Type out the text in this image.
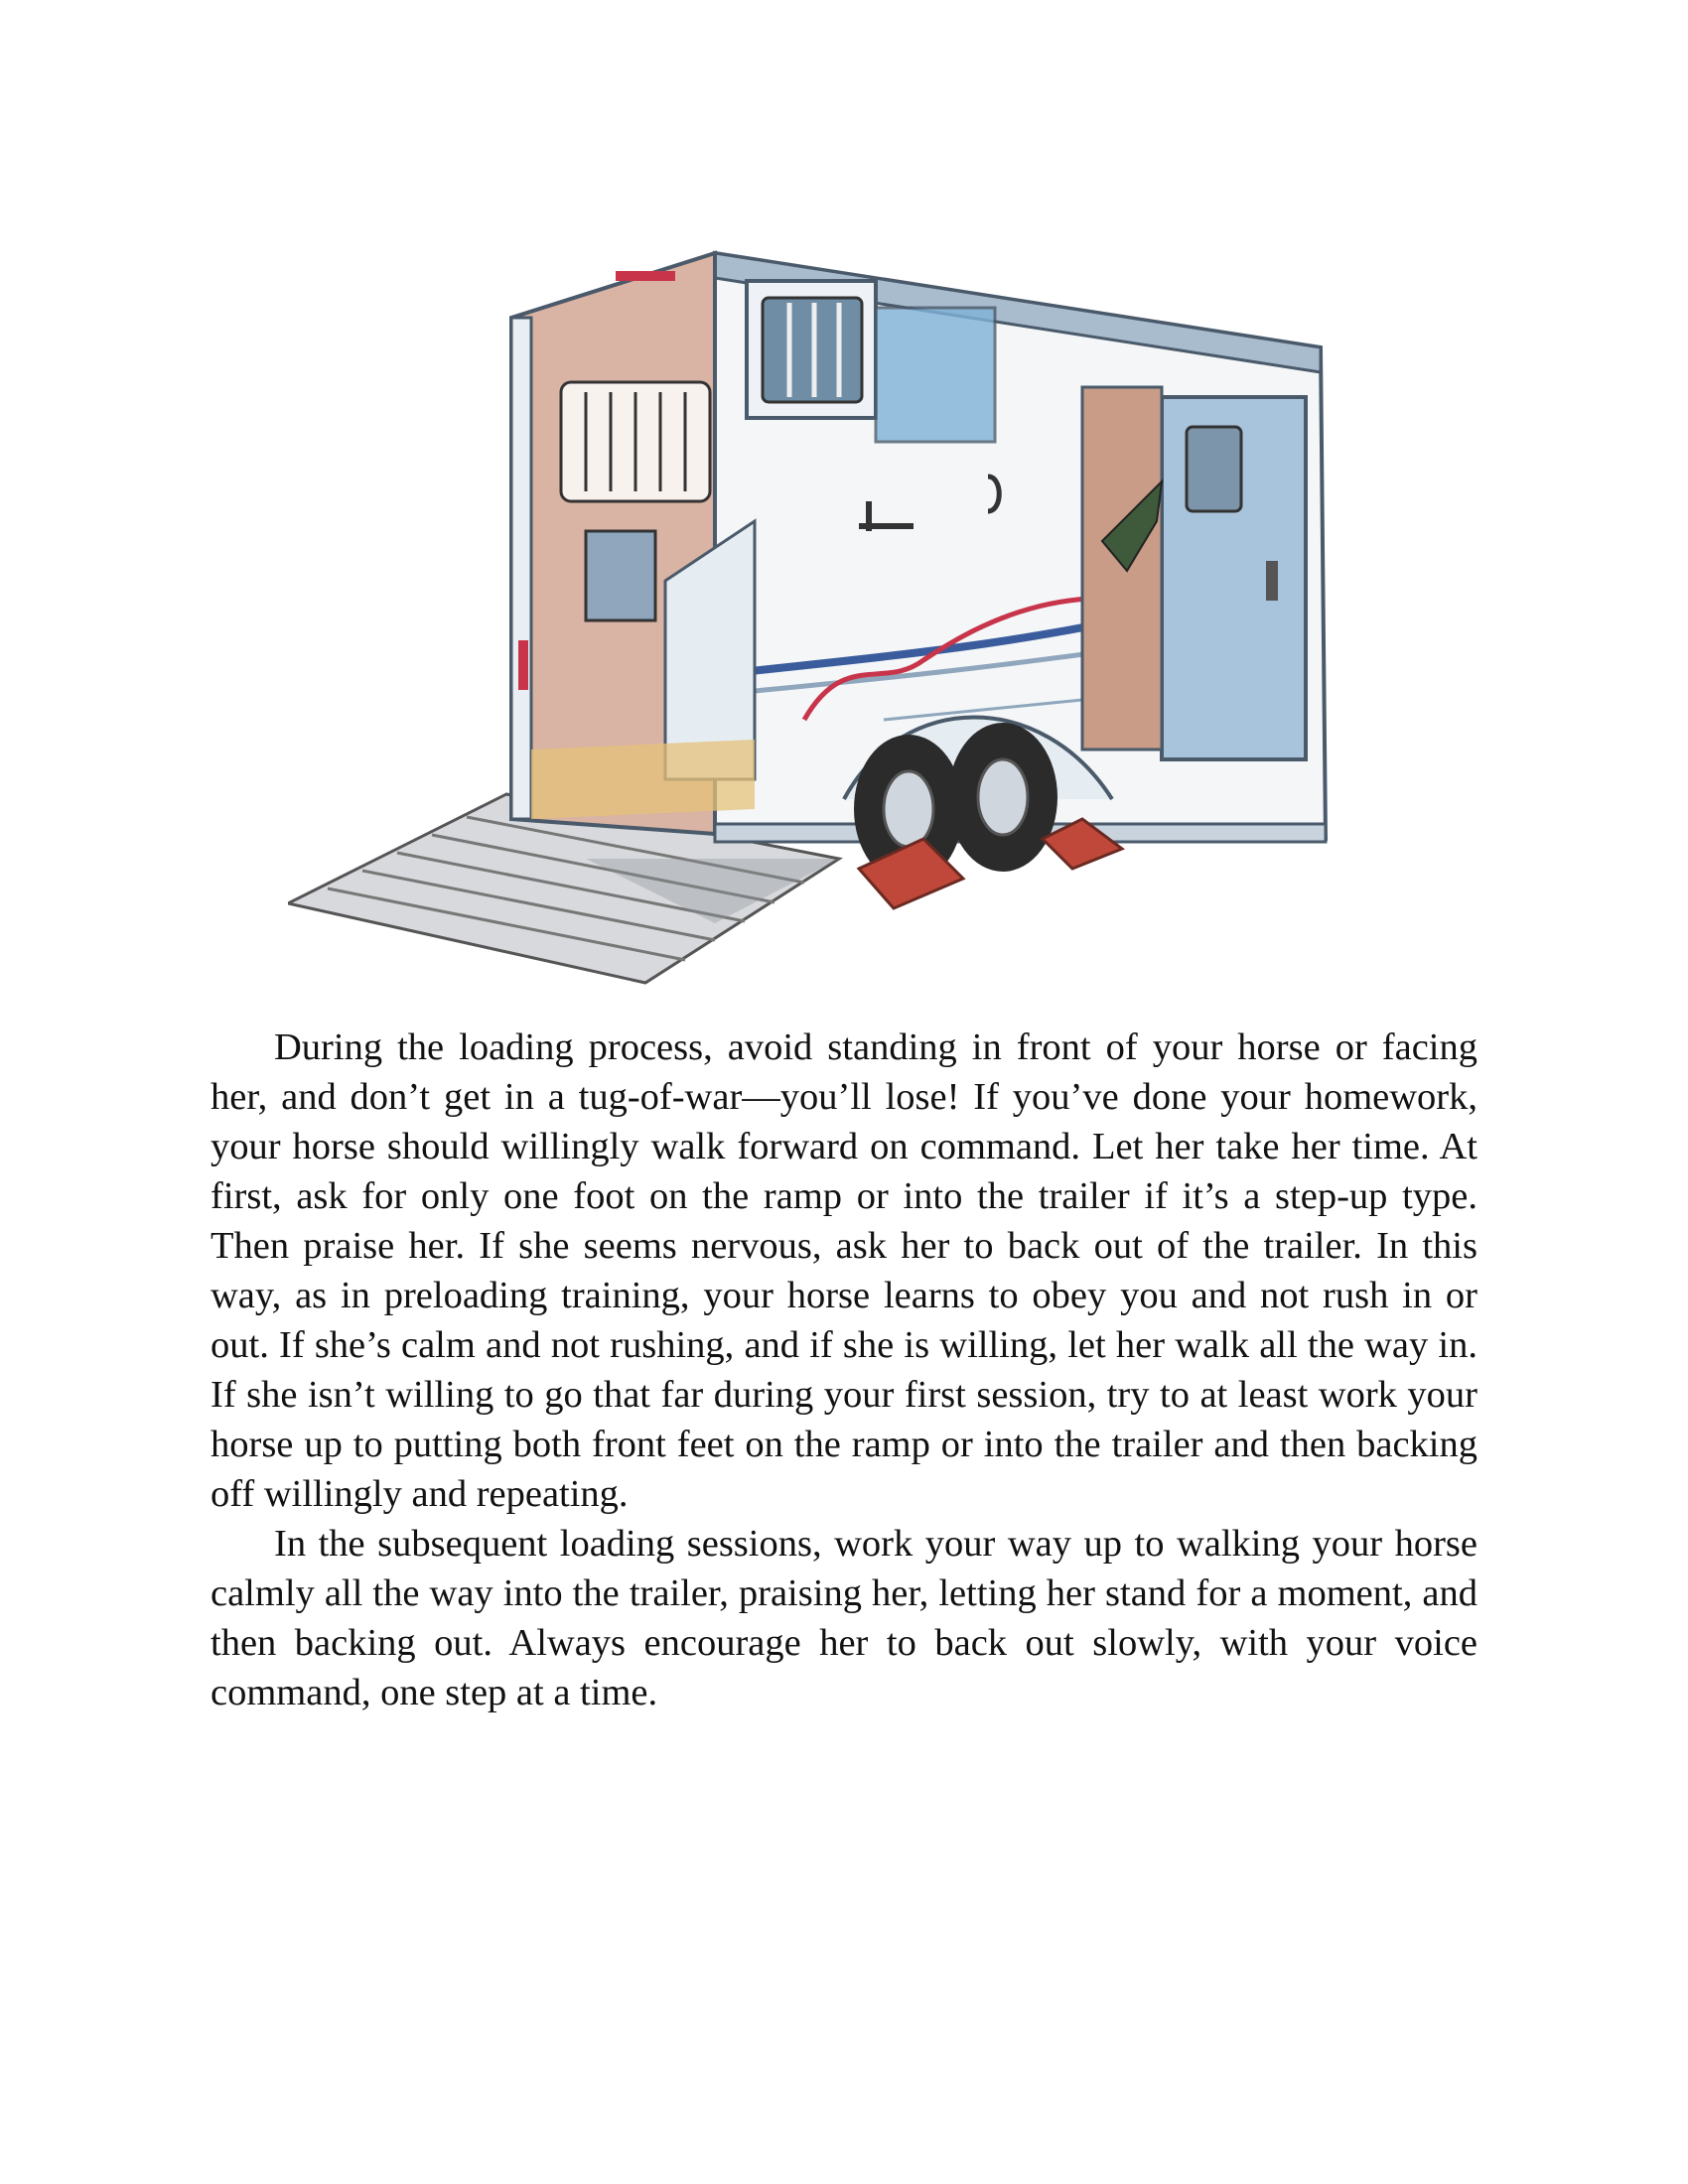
During the loading process, avoid standing in front of your horse or facing her, and don’t get in a tug-of-war—you’ll lose! If you’ve done your homework, your horse should willingly walk forward on command. Let her take her time. At first, ask for only one foot on the ramp or into the trailer if it’s a step-up type. Then praise her. If she seems nervous, ask her to back out of the trailer. In this way, as in preloading training, your horse learns to obey you and not rush in or out. If she’s calm and not rushing, and if she is willing, let her walk all the way in. If she isn’t willing to go that far during your first session, try to at least work your horse up to putting both front feet on the ramp or into the trailer and then backing off willingly and repeating.

In the subsequent loading sessions, work your way up to walking your horse calmly all the way into the trailer, praising her, letting her stand for a moment, and then backing out. Always encourage her to back out slowly, with your voice command, one step at a time.
